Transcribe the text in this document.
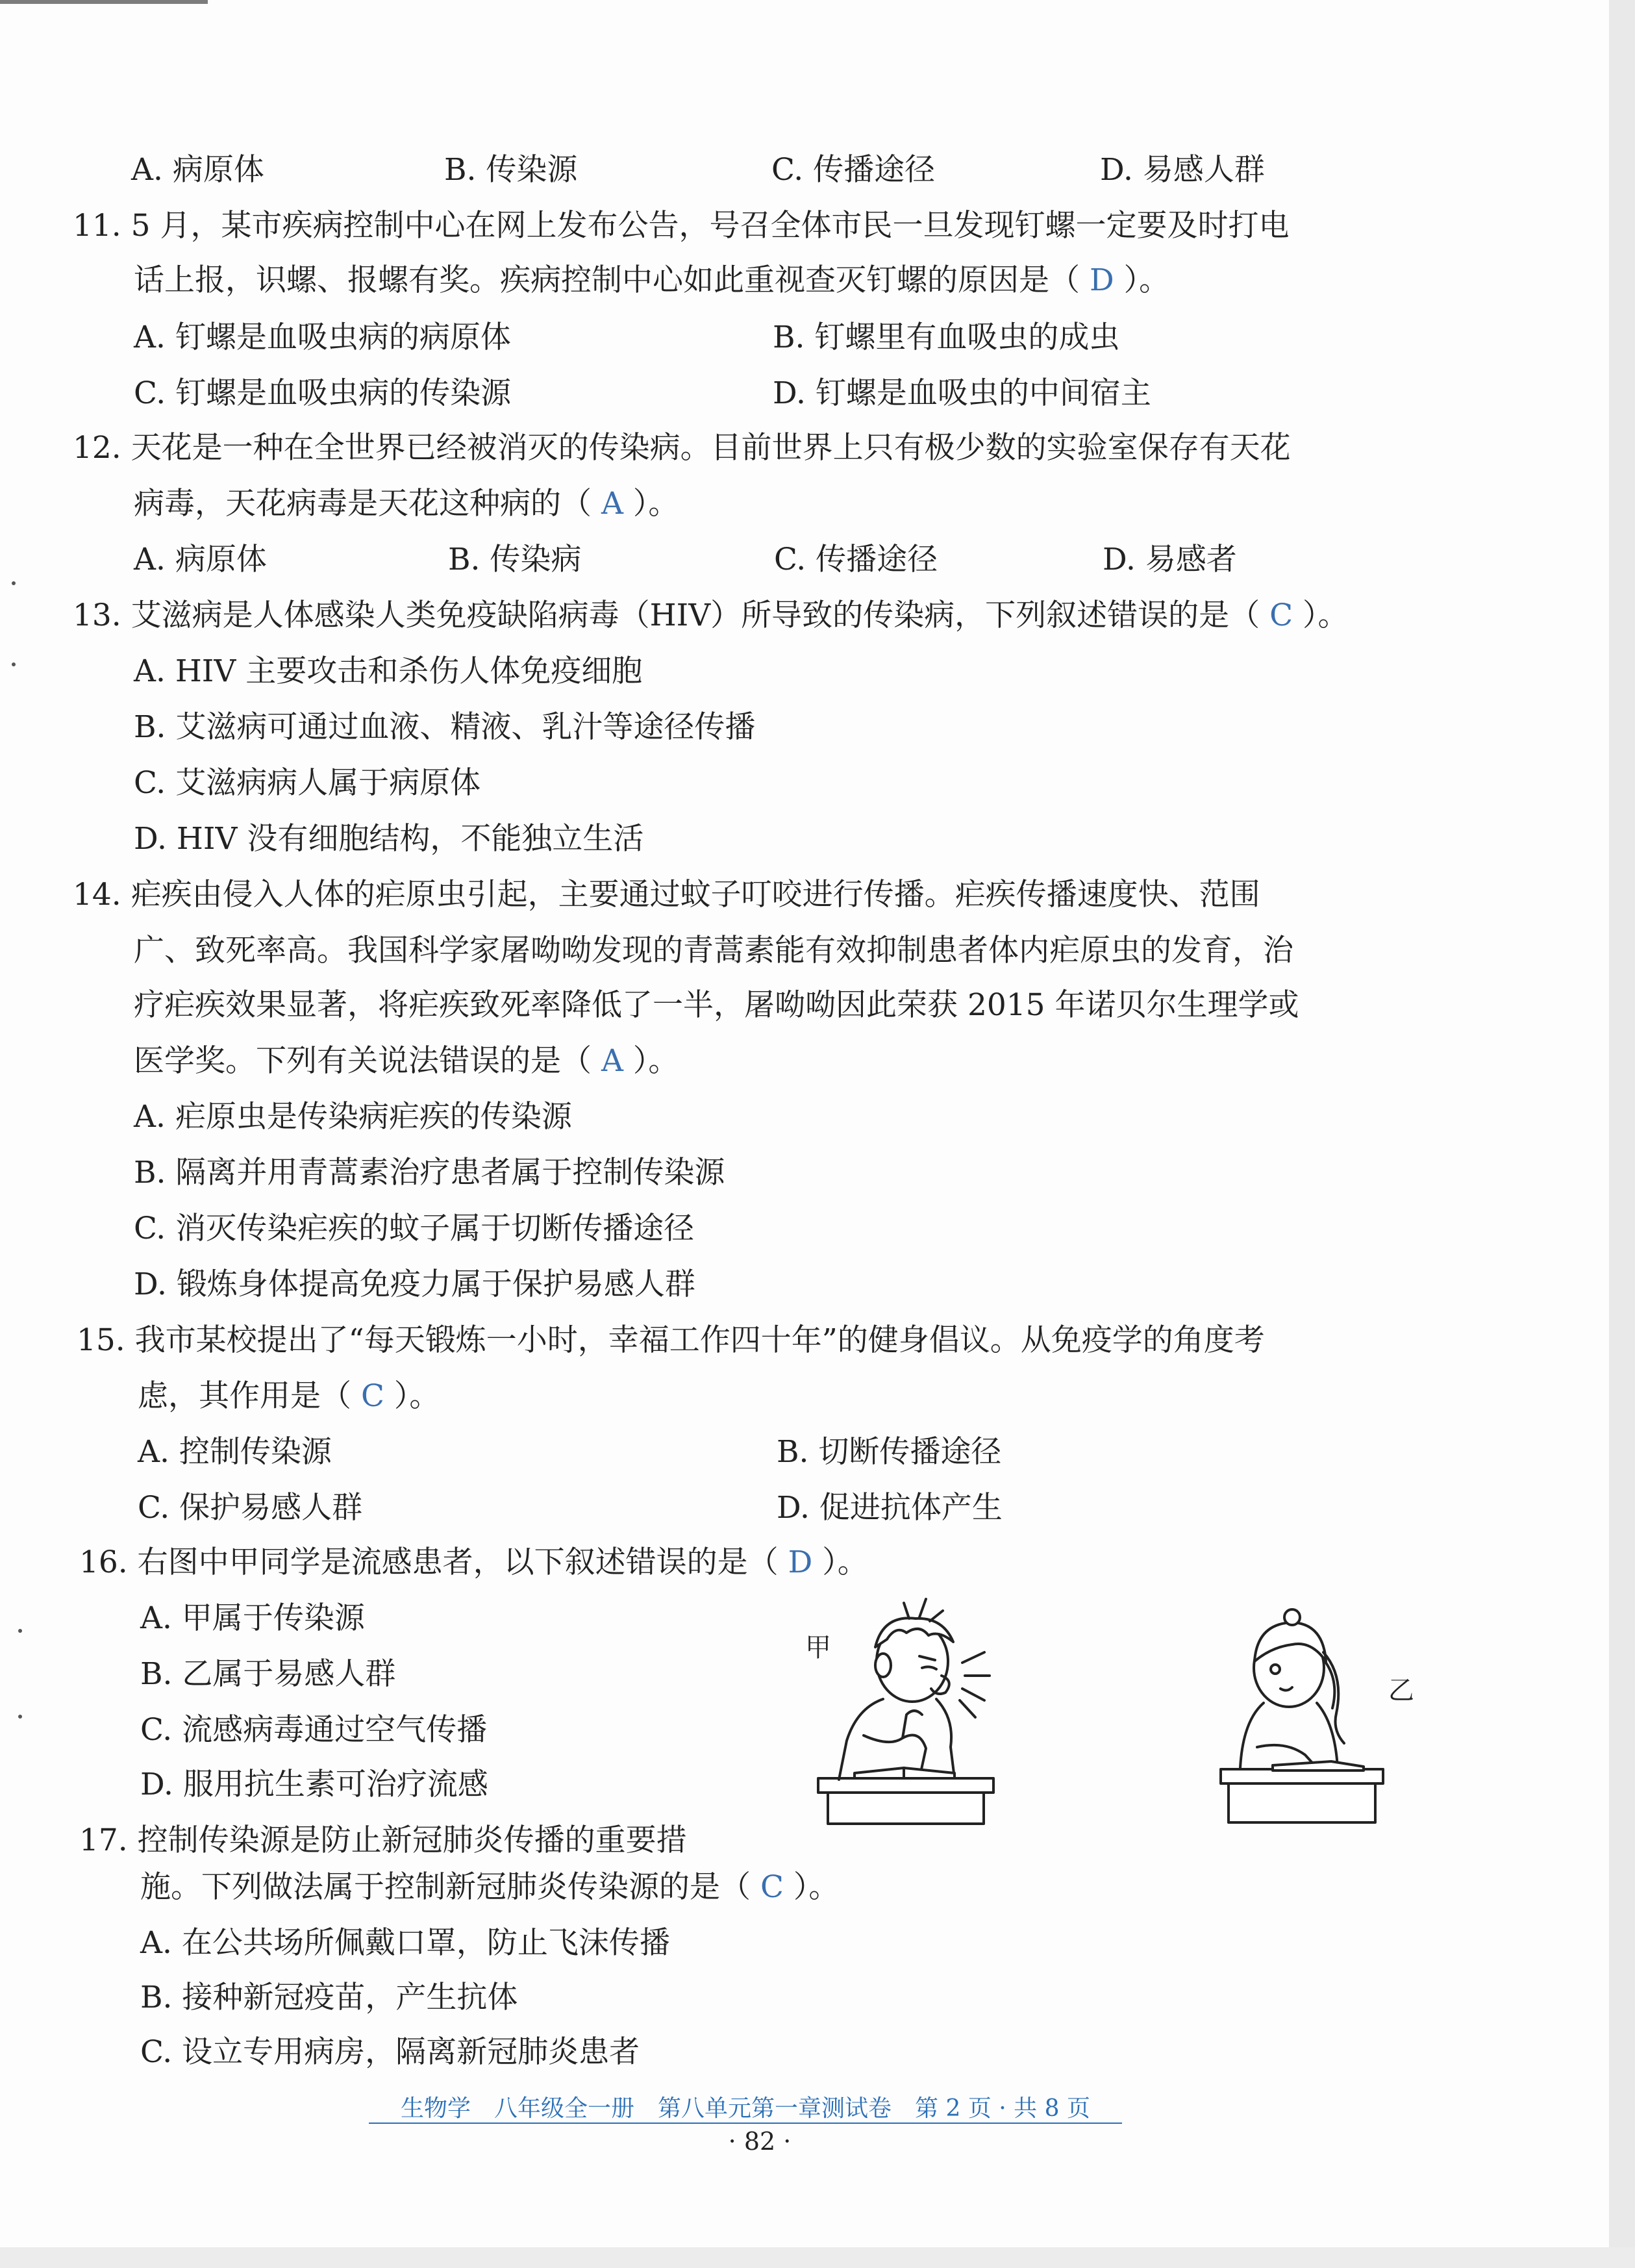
A. 病原体	B. 传染源	C. 传播途径	D. 易感人群
11. 5 月，某市疾病控制中心在网上发布公告，号召全体市民一旦发现钉螺一定要及时打电
话上报，识螺、报螺有奖。疾病控制中心如此重视查灭钉螺的原因是（ D ）。
A. 钉螺是血吸虫病的病原体	B. 钉螺里有血吸虫的成虫
C. 钉螺是血吸虫病的传染源	D. 钉螺是血吸虫的中间宿主
12. 天花是一种在全世界已经被消灭的传染病。目前世界上只有极少数的实验室保存有天花
病毒，天花病毒是天花这种病的（ A ）。
A. 病原体	B. 传染病	C. 传播途径	D. 易感者
13. 艾滋病是人体感染人类免疫缺陷病毒（HIV）所导致的传染病，下列叙述错误的是（ C ）。
A. HIV 主要攻击和杀伤人体免疫细胞
B. 艾滋病可通过血液、精液、乳汁等途径传播
C. 艾滋病病人属于病原体
D. HIV 没有细胞结构，不能独立生活
14. 疟疾由侵入人体的疟原虫引起，主要通过蚊子叮咬进行传播。疟疾传播速度快、范围
广、致死率高。我国科学家屠呦呦发现的青蒿素能有效抑制患者体内疟原虫的发育，治
疗疟疾效果显著，将疟疾致死率降低了一半，屠呦呦因此荣获 2015 年诺贝尔生理学或
医学奖。下列有关说法错误的是（ A ）。
A. 疟原虫是传染病疟疾的传染源
B. 隔离并用青蒿素治疗患者属于控制传染源
C. 消灭传染疟疾的蚊子属于切断传播途径
D. 锻炼身体提高免疫力属于保护易感人群
15. 我市某校提出了“每天锻炼一小时，幸福工作四十年”的健身倡议。从免疫学的角度考
虑，其作用是（ C ）。
A. 控制传染源	B. 切断传播途径
C. 保护易感人群	D. 促进抗体产生
16. 右图中甲同学是流感患者，以下叙述错误的是（ D ）。
A. 甲属于传染源
B. 乙属于易感人群
C. 流感病毒通过空气传播
D. 服用抗生素可治疗流感
甲
乙
17. 控制传染源是防止新冠肺炎传播的重要措
施。下列做法属于控制新冠肺炎传染源的是（ C ）。
A. 在公共场所佩戴口罩，防止飞沫传播
B. 接种新冠疫苗，产生抗体
C. 设立专用病房，隔离新冠肺炎患者
生物学　八年级全一册　第八单元第一章测试卷　第 2 页 · 共 8 页
· 82 ·
